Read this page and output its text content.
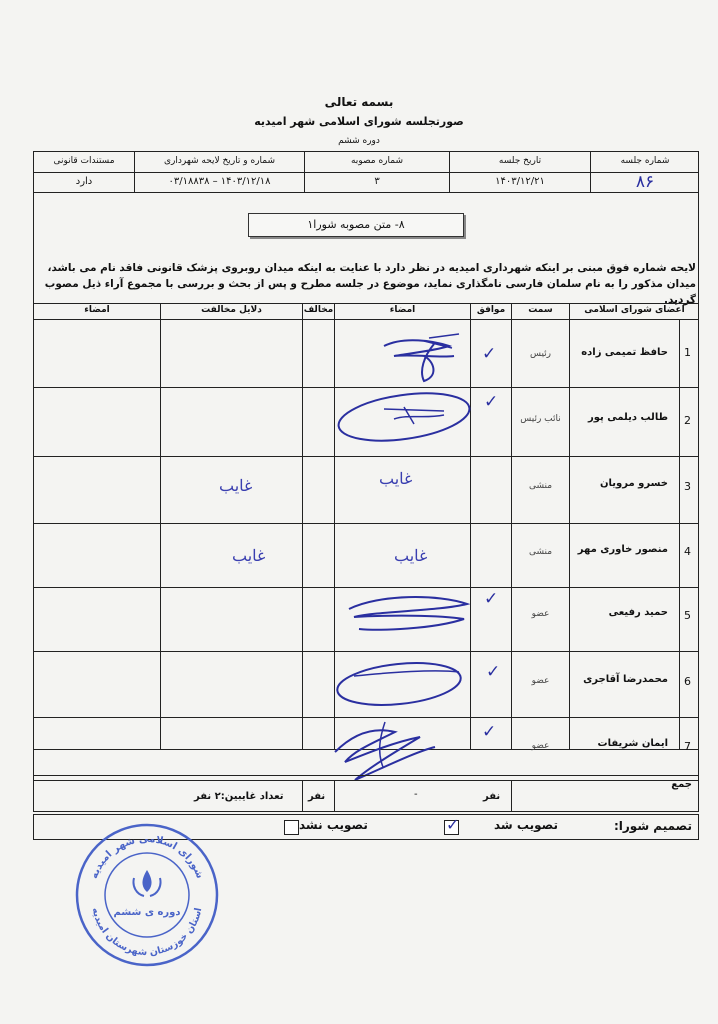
بسمه تعالی
صورتجلسه شورای اسلامی شهر امیدیه
دوره ششم
شماره جلسه
تاریخ جلسه
شماره مصوبه
شماره و تاریخ لایحه شهرداری
مستندات قانونی
۸۶
۱۴۰۳/۱۲/۲۱
۳
۱۴۰۳/۱۲/۱۸ – ۰۳/۱۸۸۳۸
دارد
۸- متن مصوبه شورا۱
لایحه شماره فوق مبنی بر اینکه شهرداری امیدیه در نظر دارد با عنایت به اینکه میدان روبروی پزشک قانونی فاقد نام می باشد، میدان مذکور را به نام سلمان فارسی نامگذاری نماید، موضوع در جلسه مطرح و پس از بحث و بررسی با مجموع آراء ذیل مصوب گردید.
اعضای شورای اسلامی
سمت
موافق
امضاء
مخالف
دلایل مخالفت
امضاء
1
حافظ تمیمی زاده
رئیس
✓
2
طالب دیلمی پور
نائب رئیس
✓
3
خسرو مرویان
منشی
غایب
غایب
4
منصور خاوری مهر
منشی
غایب
غایب
5
حمید رفیعی
عضو
✓
6
محمدرضا آقاجری
عضو
✓
7
ایمان شریفات
عضو
✓
جمع
نفر
-
نفر
تعداد غایبین:۲ نفر
تصمیم شورا:
تصویب شد
✓
تصویب نشد
شورای اسلامی شهر امیدیه
استان خوزستان شهرستان امیدیه
دوره ی ششم
